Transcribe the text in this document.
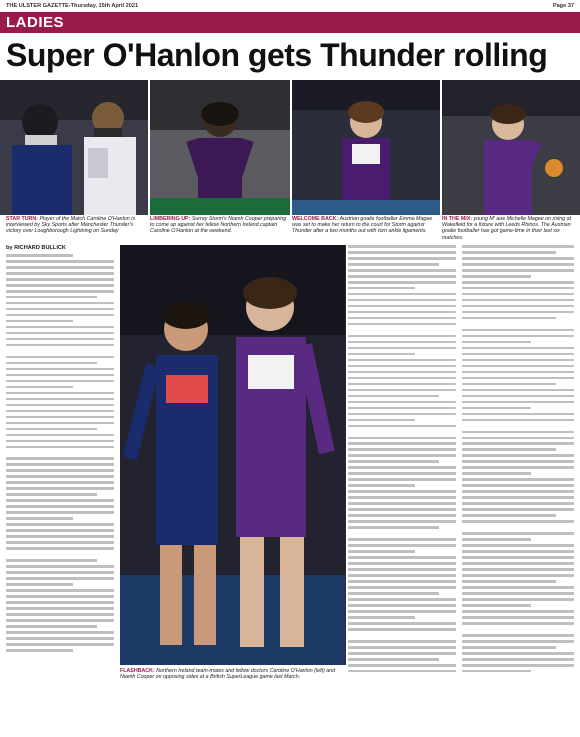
THE ULSTER GAZETTE-Thursday, 15th April 2021	Page 37
LADIES
Super O'Hanlon gets Thunder rolling

STAR TURN: Player of the Match Caroline O'Hanlon is interviewed by Sky Sports after Manchester Thunder's victory over Loughborough Lightning on Sunday

LIMBERING UP: Surrey Storm's Niamh Cooper preparing to come up against her fellow Northern Ireland captain Caroline O'Hanlon at the weekend.

WELCOME BACK: Austrian goalie footballer Emma Magee was set to make her return to the court for Storm against Thunder after a two months out with torn ankle ligaments.

IN THE MIX: young M' aoe Michelle Magee on rising at Wakefield for a fixture with Leeds Rhinos. The Austrian goalie footballer has got game-time in their last six matches.

by RICHARD BULLICK

FLASHBACK: Northern Ireland team-mates and fellow doctors Caroline O'Hanlon (left) and Niamh Cooper on opposing sides at a British SuperLeague game last March.
